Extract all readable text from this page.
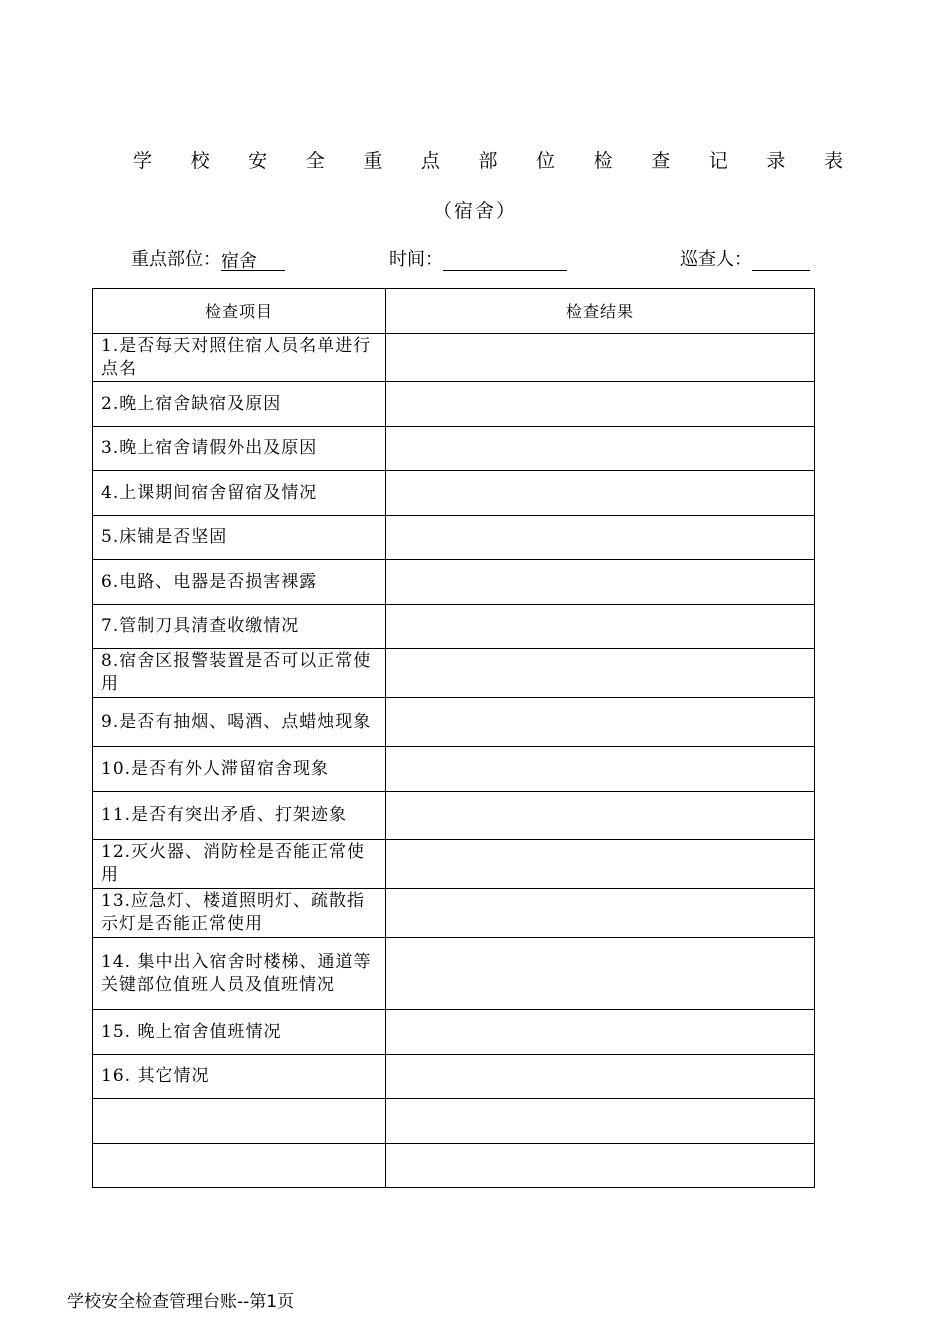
学 校 安 全 重 点 部 位 检 查 记 录 表
（宿舍）
重点部位：宿舍	时间：	巡查人：
检查项目	检查结果
1.是否每天对照住宿人员名单进行点名	
2.晚上宿舍缺宿及原因	
3.晚上宿舍请假外出及原因	
4.上课期间宿舍留宿及情况	
5.床铺是否坚固	
6.电路、电器是否损害裸露	
7.管制刀具清查收缴情况	
8.宿舍区报警装置是否可以正常使用	
9.是否有抽烟、喝酒、点蜡烛现象	
10.是否有外人滞留宿舍现象	
11.是否有突出矛盾、打架迹象	
12.灭火器、消防栓是否能正常使用	
13.应急灯、楼道照明灯、疏散指示灯是否能正常使用	
14. 集中出入宿舍时楼梯、通道等关键部位值班人员及值班情况	
15. 晚上宿舍值班情况	
16. 其它情况	

学校安全检查管理台账--第1页
